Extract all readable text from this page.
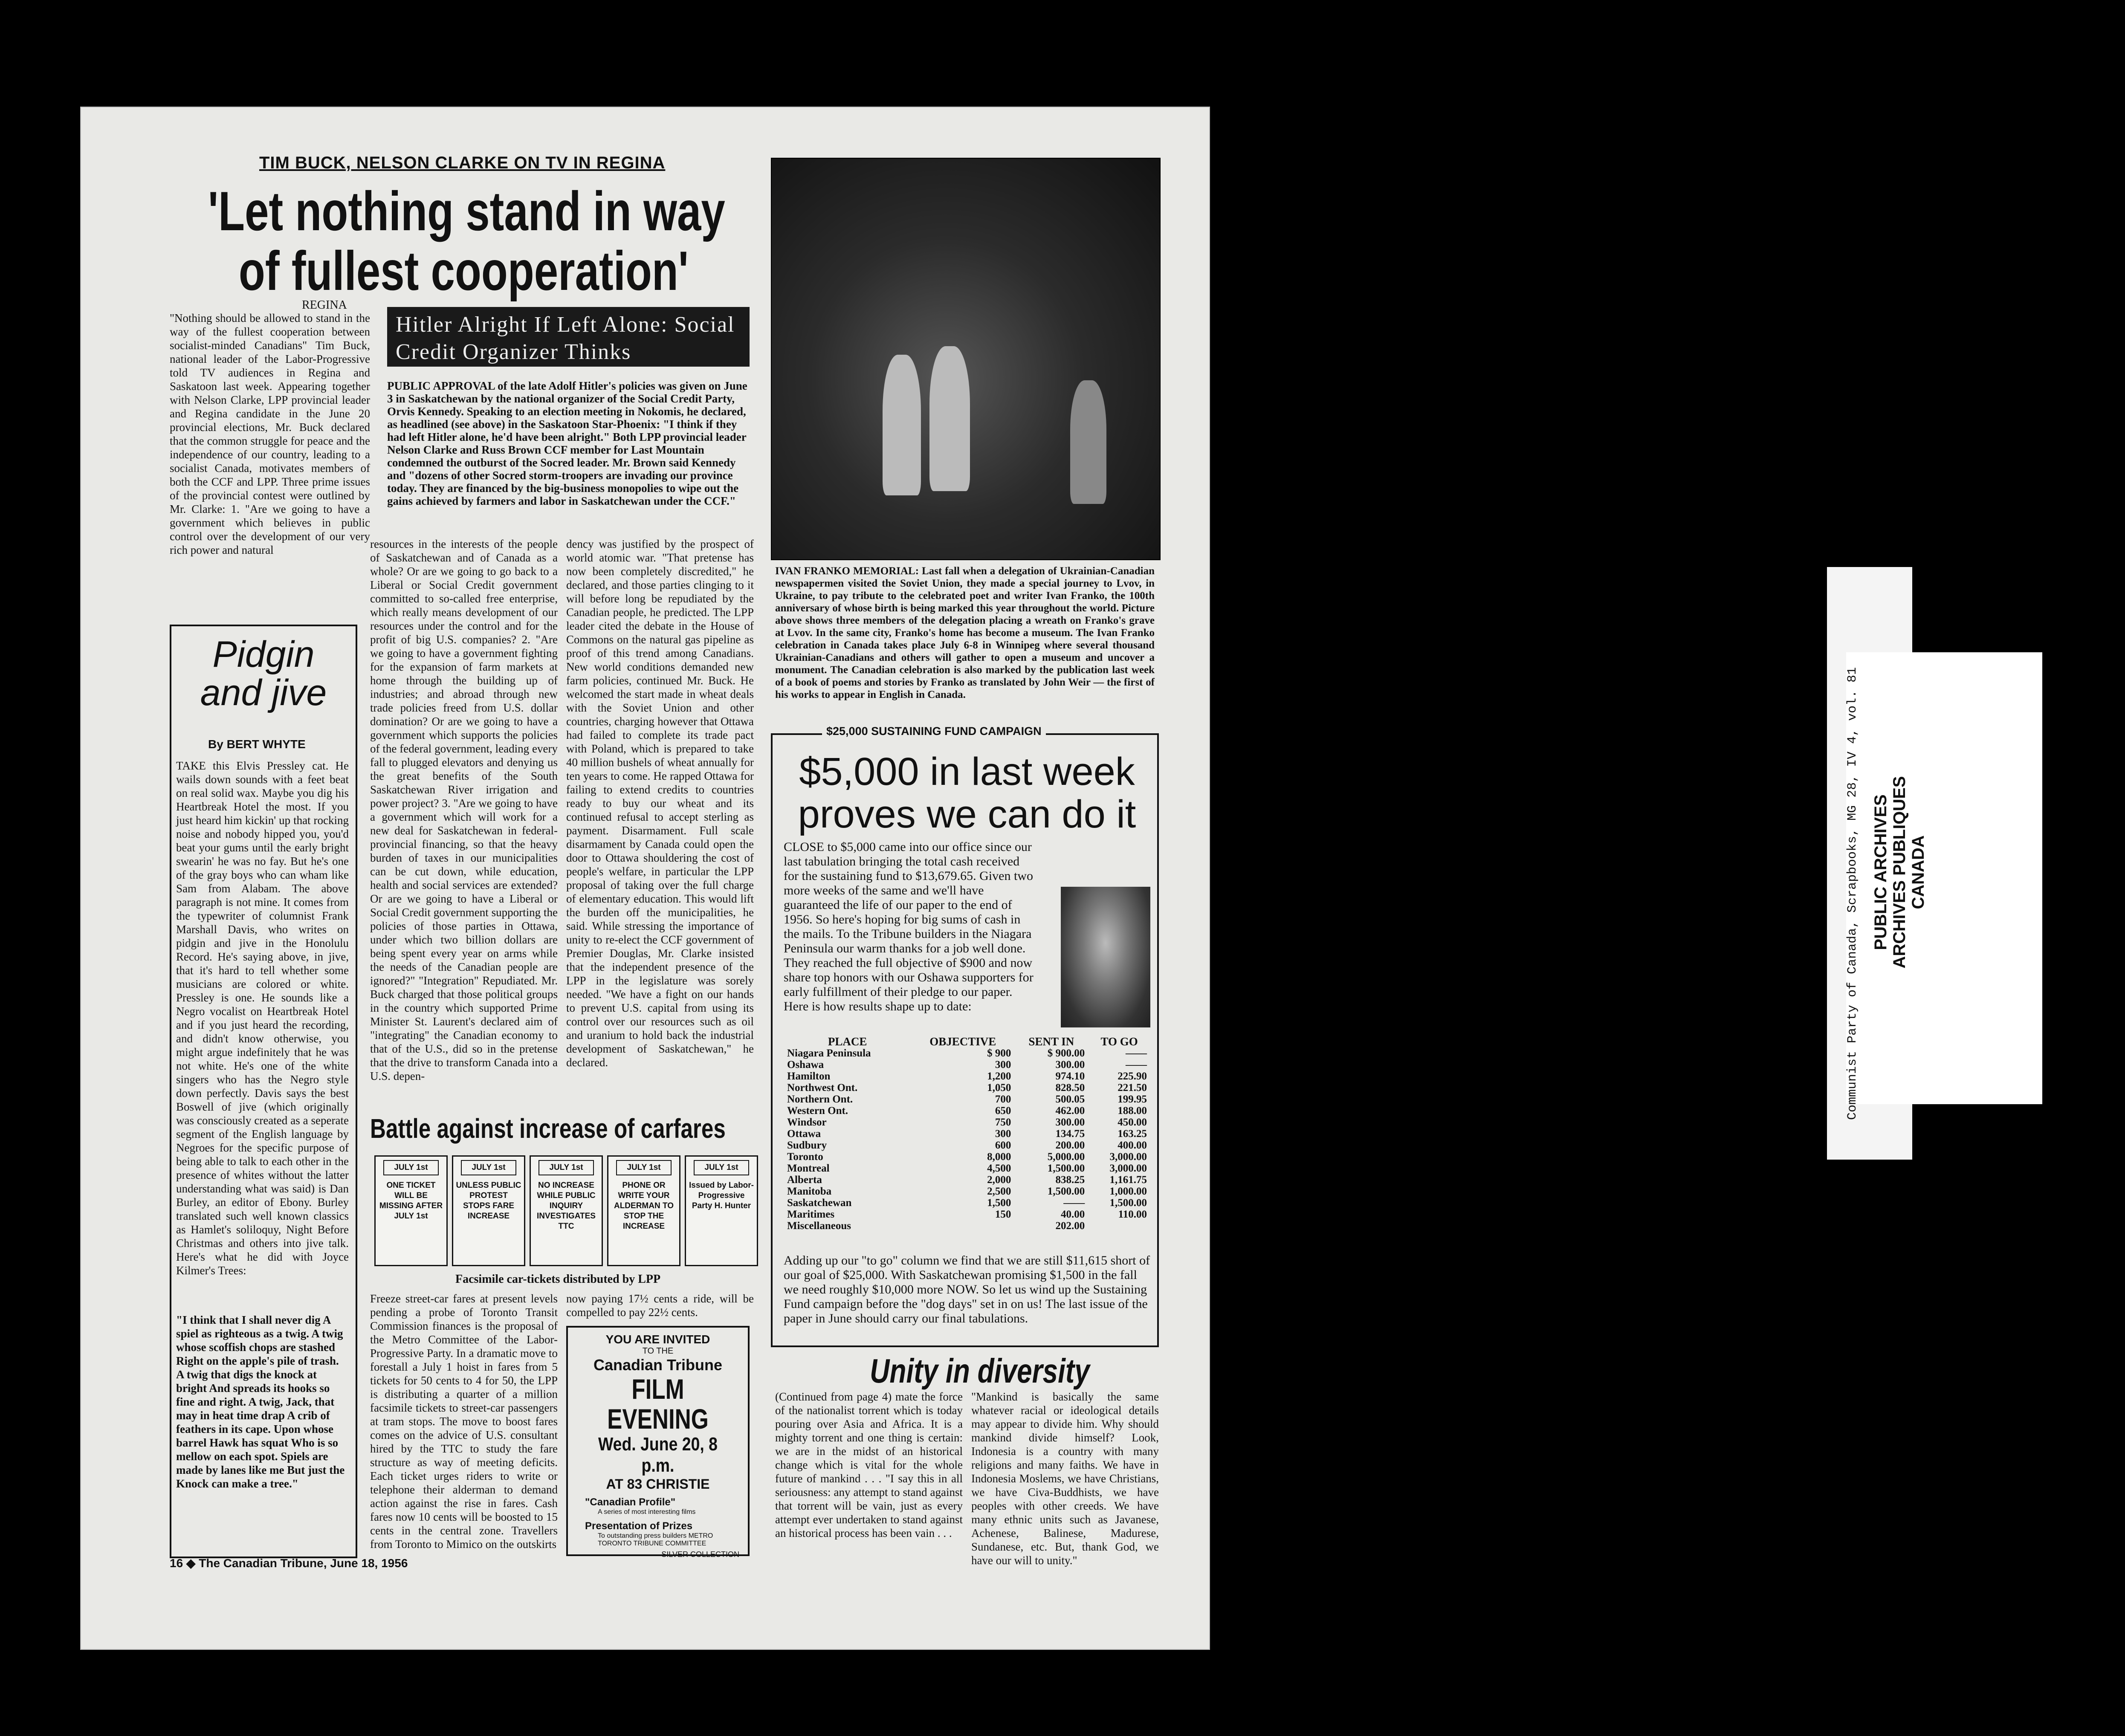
TIM BUCK, NELSON CLARKE ON TV IN REGINA
'Let nothing stand in way
of fullest cooperation'
REGINA
"Nothing should be allowed to stand in the way of the fullest cooperation between socialist-minded Canadians" Tim Buck, national leader of the Labor-Progressive told TV audiences in Regina and Saskatoon last week. Appearing together with Nelson Clarke, LPP provincial leader and Regina candidate in the June 20 provincial elections, Mr. Buck declared that the common struggle for peace and the independence of our country, leading to a socialist Canada, motivates members of both the CCF and LPP. Three prime issues of the provincial contest were outlined by Mr. Clarke: 1. "Are we going to have a government which believes in public control over the development of our very rich power and natural
Hitler Alright If Left Alone: Social Credit Organizer Thinks
PUBLIC APPROVAL of the late Adolf Hitler's policies was given on June 3 in Saskatchewan by the national organizer of the Social Credit Party, Orvis Kennedy. Speaking to an election meeting in Nokomis, he declared, as headlined (see above) in the Saskatoon Star-Phoenix: "I think if they had left Hitler alone, he'd have been alright." Both LPP provincial leader Nelson Clarke and Russ Brown CCF member for Last Mountain condemned the outburst of the Socred leader. Mr. Brown said Kennedy and "dozens of other Socred storm-troopers are invading our province today. They are financed by the big-business monopolies to wipe out the gains achieved by farmers and labor in Saskatchewan under the CCF."
resources in the interests of the people of Saskatchewan and of Canada as a whole? Or are we going to go back to a Liberal or Social Credit government committed to so-called free enterprise, which really means development of our resources under the control and for the profit of big U.S. companies? 2. "Are we going to have a government fighting for the expansion of farm markets at home through the building up of industries; and abroad through new trade policies freed from U.S. dollar domination? Or are we going to have a government which supports the policies of the federal government, leading every fall to plugged elevators and denying us the great benefits of the South Saskatchewan River irrigation and power project? 3. "Are we going to have a government which will work for a new deal for Saskatchewan in federal-provincial financing, so that the heavy burden of taxes in our municipalities can be cut down, while education, health and social services are extended? Or are we going to have a Liberal or Social Credit government supporting the policies of those parties in Ottawa, under which two billion dollars are being spent every year on arms while the needs of the Canadian people are ignored?" "Integration" Repudiated. Mr. Buck charged that those political groups in the country which supported Prime Minister St. Laurent's declared aim of "integrating" the Canadian economy to that of the U.S., did so in the pretense that the drive to transform Canada into a U.S. depen-
dency was justified by the prospect of world atomic war. "That pretense has now been completely discredited," he declared, and those parties clinging to it will before long be repudiated by the Canadian people, he predicted. The LPP leader cited the debate in the House of Commons on the natural gas pipeline as proof of this trend among Canadians. New world conditions demanded new farm policies, continued Mr. Buck. He welcomed the start made in wheat deals with the Soviet Union and other countries, charging however that Ottawa had failed to complete its trade pact with Poland, which is prepared to take 40 million bushels of wheat annually for ten years to come. He rapped Ottawa for failing to extend credits to countries ready to buy our wheat and its continued refusal to accept sterling as payment. Disarmament. Full scale disarmament by Canada could open the door to Ottawa shouldering the cost of people's welfare, in particular the LPP proposal of taking over the full charge of elementary education. This would lift the burden off the municipalities, he said. While stressing the importance of unity to re-elect the CCF government of Premier Douglas, Mr. Clarke insisted that the independent presence of the LPP in the legislature was sorely needed. "We have a fight on our hands to prevent U.S. capital from using its control over our resources such as oil and uranium to hold back the industrial development of Saskatchewan," he declared.
Pidgin and jive
By BERT WHYTE
TAKE this Elvis Pressley cat. He wails down sounds with a feet beat on real solid wax. Maybe you dig his Heartbreak Hotel the most. If you just heard him kickin' up that rocking noise and nobody hipped you, you'd beat your gums until the early bright swearin' he was no fay. But he's one of the gray boys who can wham like Sam from Alabam. The above paragraph is not mine. It comes from the typewriter of columnist Frank Marshall Davis, who writes on pidgin and jive in the Honolulu Record. He's saying above, in jive, that it's hard to tell whether some musicians are colored or white. Pressley is one. He sounds like a Negro vocalist on Heartbreak Hotel and if you just heard the recording, and didn't know otherwise, you might argue indefinitely that he was not white. He's one of the white singers who has the Negro style down perfectly. Davis says the best Boswell of jive (which originally was consciously created as a seperate segment of the English language by Negroes for the specific purpose of being able to talk to each other in the presence of whites without the latter understanding what was said) is Dan Burley, an editor of Ebony. Burley translated such well known classics as Hamlet's soliloquy, Night Before Christmas and others into jive talk. Here's what he did with Joyce Kilmer's Trees:
"I think that I shall never dig A spiel as righteous as a twig. A twig whose scoffish chops are stashed Right on the apple's pile of trash. A twig that digs the knock at bright And spreads its hooks so fine and right. A twig, Jack, that may in heat time drap A crib of feathers in its cape. Upon whose barrel Hawk has squat Who is so mellow on each spot. Spiels are made by lanes like me But just the Knock can make a tree."
Battle against increase of carfares
JULY 1st
ONE TICKET WILL BE MISSING AFTER JULY 1st
JULY 1st
UNLESS PUBLIC PROTEST STOPS FARE INCREASE
JULY 1st
NO INCREASE WHILE PUBLIC INQUIRY INVESTIGATES TTC
JULY 1st
PHONE OR WRITE YOUR ALDERMAN TO STOP THE INCREASE
JULY 1st
Issued by Labor-Progressive Party H. Hunter
Facsimile car-tickets distributed by LPP
Freeze street-car fares at present levels pending a probe of Toronto Transit Commission finances is the proposal of the Metro Committee of the Labor-Progressive Party. In a dramatic move to forestall a July 1 hoist in fares from 5 tickets for 50 cents to 4 for 50, the LPP is distributing a quarter of a million facsimile tickets to street-car passengers at tram stops. The move to boost fares comes on the advice of U.S. consultant hired by the TTC to study the fare structure as way of meeting deficits. Each ticket urges riders to write or telephone their alderman to demand action against the rise in fares. Cash fares now 10 cents will be boosted to 15 cents in the central zone. Travellers from Toronto to Mimico on the outskirts
now paying 17½ cents a ride, will be compelled to pay 22½ cents.
YOU ARE INVITED
TO THE
Canadian Tribune
FILM EVENING
Wed. June 20, 8 p.m.
AT 83 CHRISTIE
"Canadian Profile"
A series of most interesting films
Presentation of Prizes
To outstanding press builders METRO TORONTO TRIBUNE COMMITTEE
SILVER COLLECTION
IVAN FRANKO MEMORIAL: Last fall when a delegation of Ukrainian-Canadian newspapermen visited the Soviet Union, they made a special journey to Lvov, in Ukraine, to pay tribute to the celebrated poet and writer Ivan Franko, the 100th anniversary of whose birth is being marked this year throughout the world. Picture above shows three members of the delegation placing a wreath on Franko's grave at Lvov. In the same city, Franko's home has become a museum. The Ivan Franko celebration in Canada takes place July 6-8 in Winnipeg where several thousand Ukrainian-Canadians and others will gather to open a museum and uncover a monument. The Canadian celebration is also marked by the publication last week of a book of poems and stories by Franko as translated by John Weir — the first of his works to appear in English in Canada.
$25,000 SUSTAINING FUND CAMPAIGN
$5,000 in last week proves we can do it
CLOSE to $5,000 came into our office since our last tabulation bringing the total cash received for the sustaining fund to $13,679.65. Given two more weeks of the same and we'll have guaranteed the life of our paper to the end of 1956. So here's hoping for big sums of cash in the mails. To the Tribune builders in the Niagara Peninsula our warm thanks for a job well done. They reached the full objective of $900 and now share top honors with our Oshawa supporters for early fulfillment of their pledge to our paper. Here is how results shape up to date:
PLACE	OBJECTIVE	SENT IN	TO GO
Niagara Peninsula	$ 900	$ 900.00	——
Oshawa	300	300.00	——
Hamilton	1,200	974.10	225.90
Northwest Ont.	1,050	828.50	221.50
Northern Ont.	700	500.05	199.95
Western Ont.	650	462.00	188.00
Windsor	750	300.00	450.00
Ottawa	300	134.75	163.25
Sudbury	600	200.00	400.00
Toronto	8,000	5,000.00	3,000.00
Montreal	4,500	1,500.00	3,000.00
Alberta	2,000	838.25	1,161.75
Manitoba	2,500	1,500.00	1,000.00
Saskatchewan	1,500	——	1,500.00
Maritimes	150	40.00	110.00
Miscellaneous		202.00	
Adding up our "to go" column we find that we are still $11,615 short of our goal of $25,000. With Saskatchewan promising $1,500 in the fall we need roughly $10,000 more NOW. So let us wind up the Sustaining Fund campaign before the "dog days" set in on us! The last issue of the paper in June should carry our final tabulations.
Unity in diversity
(Continued from page 4) mate the force of the nationalist torrent which is today pouring over Asia and Africa. It is a mighty torrent and one thing is certain: we are in the midst of an historical change which is vital for the whole future of mankind . . . "I say this in all seriousness: any attempt to stand against that torrent will be vain, just as every attempt ever undertaken to stand against an historical process has been vain . . .
"Mankind is basically the same whatever racial or ideological details may appear to divide him. Why should mankind divide himself? Look, Indonesia is a country with many religions and many faiths. We have in Indonesia Moslems, we have Christians, we have Civa-Buddhists, we have peoples with other creeds. We have many ethnic units such as Javanese, Achenese, Balinese, Madurese, Sundanese, etc. But, thank God, we have our will to unity."
16 ◆ The Canadian Tribune, June 18, 1956
Communist Party of Canada, Scrapbooks, MG 28, IV 4, vol. 81 PUBLIC ARCHIVES ARCHIVES PUBLIQUES CANADA
